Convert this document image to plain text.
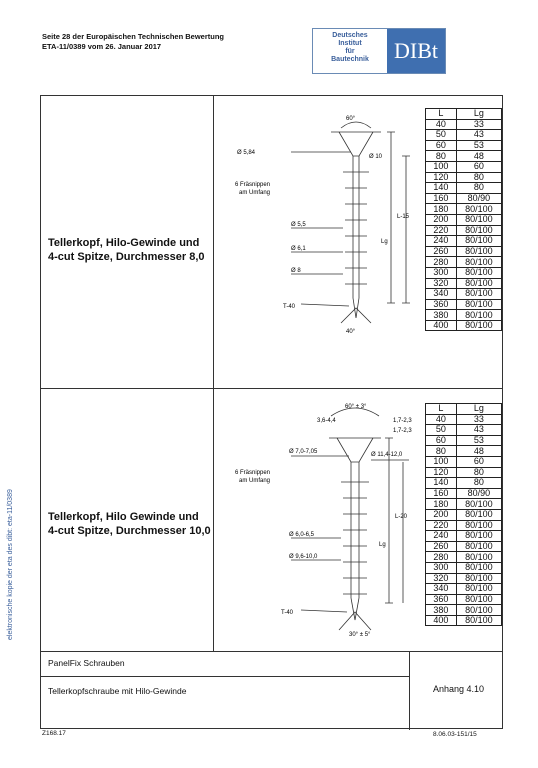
Seite 28 der Europäischen Technischen Bewertung
ETA-11/0389 vom 26. Januar 2017
Deutsches
Institut
für
Bautechnik	DIBt
elektronische kopie der eta des dibt: eta-11/0389
Tellerkopf, Hilo-Gewinde und
4-cut Spitze, Durchmesser 8,0
60°
Ø 5,84
Ø 10
6 Fräsnippen
am Umfang
Ø 5,5
Ø 6,1
Ø 8
T-40
40°
Lg
L-15
L	Lg
40	33
50	43
60	53
80	48
100	60
120	80
140	80
160	80/90
180	80/100
200	80/100
220	80/100
240	80/100
260	80/100
280	80/100
300	80/100
320	80/100
340	80/100
360	80/100
380	80/100
400	80/100
Tellerkopf, Hilo Gewinde und
4-cut Spitze, Durchmesser 10,0
60° ± 3°
3,6-4,4	1,7-2,3
1,7-2,3
Ø 7,0-7,05	Ø 11,4-12,0
6 Fräsnippen
am Umfang
Ø 6,0-6,5
Ø 9,6-10,0
T-40
30° ± 5°
Lg
L-20
L	Lg
40	33
50	43
60	53
80	48
100	60
120	80
140	80
160	80/90
180	80/100
200	80/100
220	80/100
240	80/100
260	80/100
280	80/100
300	80/100
320	80/100
340	80/100
360	80/100
380	80/100
400	80/100
PanelFix Schrauben
Tellerkopfschraube mit Hilo-Gewinde	Anhang 4.10
Z168.17	8.06.03-151/15
